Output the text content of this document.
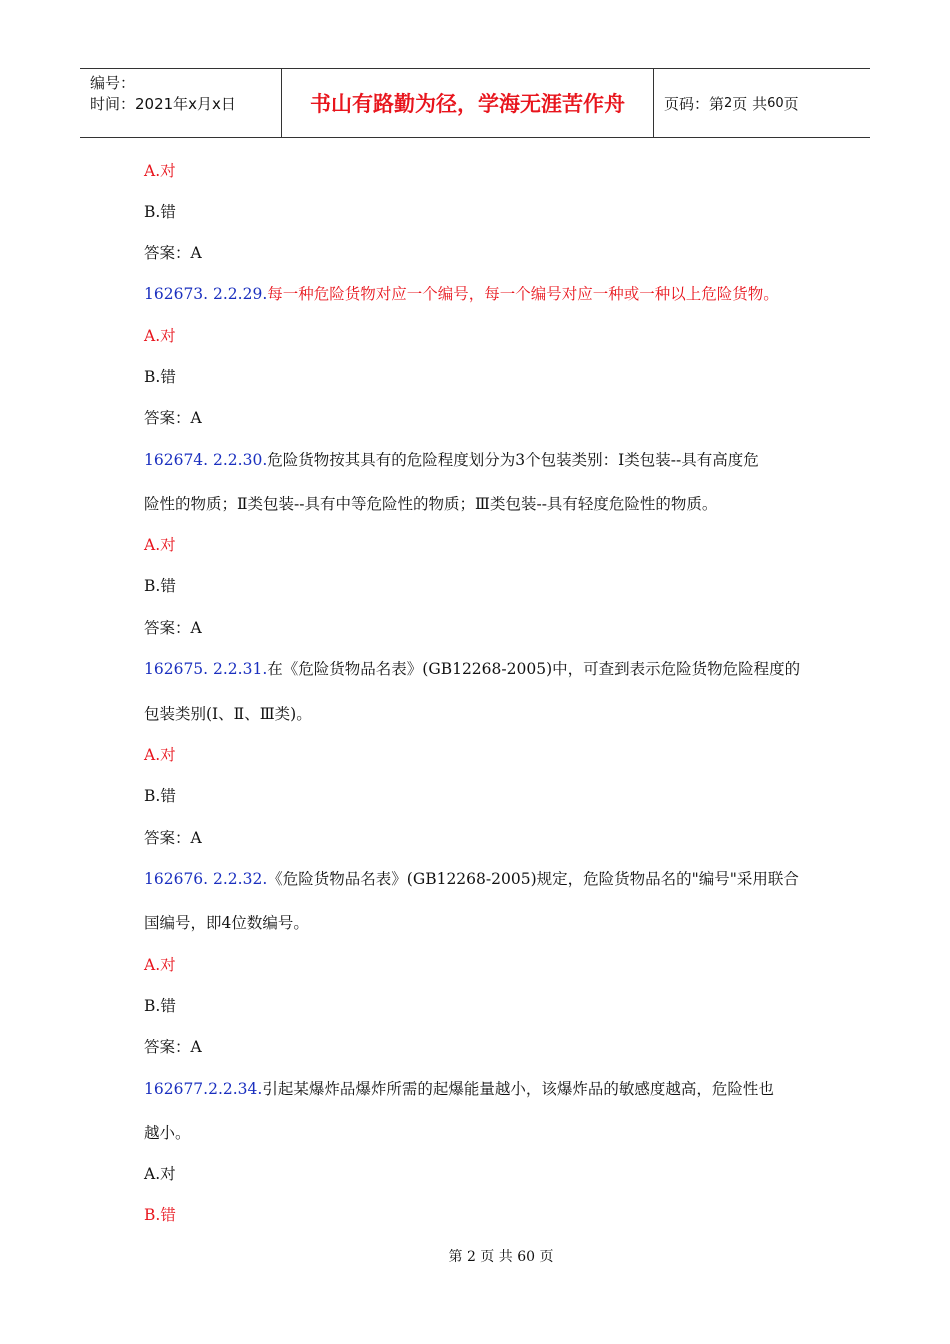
编号：
时间：2021年x月x日	书山有路勤为径，学海无涯苦作舟	页码：第 2 页 共 60 页
A.对
B.错
答案：A
162673. 2.2.29.每一种危险货物对应一个编号，每一个编号对应一种或一种以上危险货物。
A.对
B.错
答案：A
162674. 2.2.30.危险货物按其具有的危险程度划分为3个包装类别：Ⅰ类包装--具有高度危
险性的物质；Ⅱ类包装--具有中等危险性的物质；Ⅲ类包装--具有轻度危险性的物质。
A.对
B.错
答案：A
162675. 2.2.31.在《危险货物品名表》(GB12268-2005)中，可查到表示危险货物危险程度的
包装类别(Ⅰ、Ⅱ、Ⅲ类)。
A.对
B.错
答案：A
162676. 2.2.32.《危险货物品名表》(GB12268-2005)规定，危险货物品名的"编号"采用联合
国编号，即4位数编号。
A.对
B.错
答案：A
162677.2.2.34.引起某爆炸品爆炸所需的起爆能量越小，该爆炸品的敏感度越高，危险性也
越小。
A.对
B.错
第 2 页 共 60 页
